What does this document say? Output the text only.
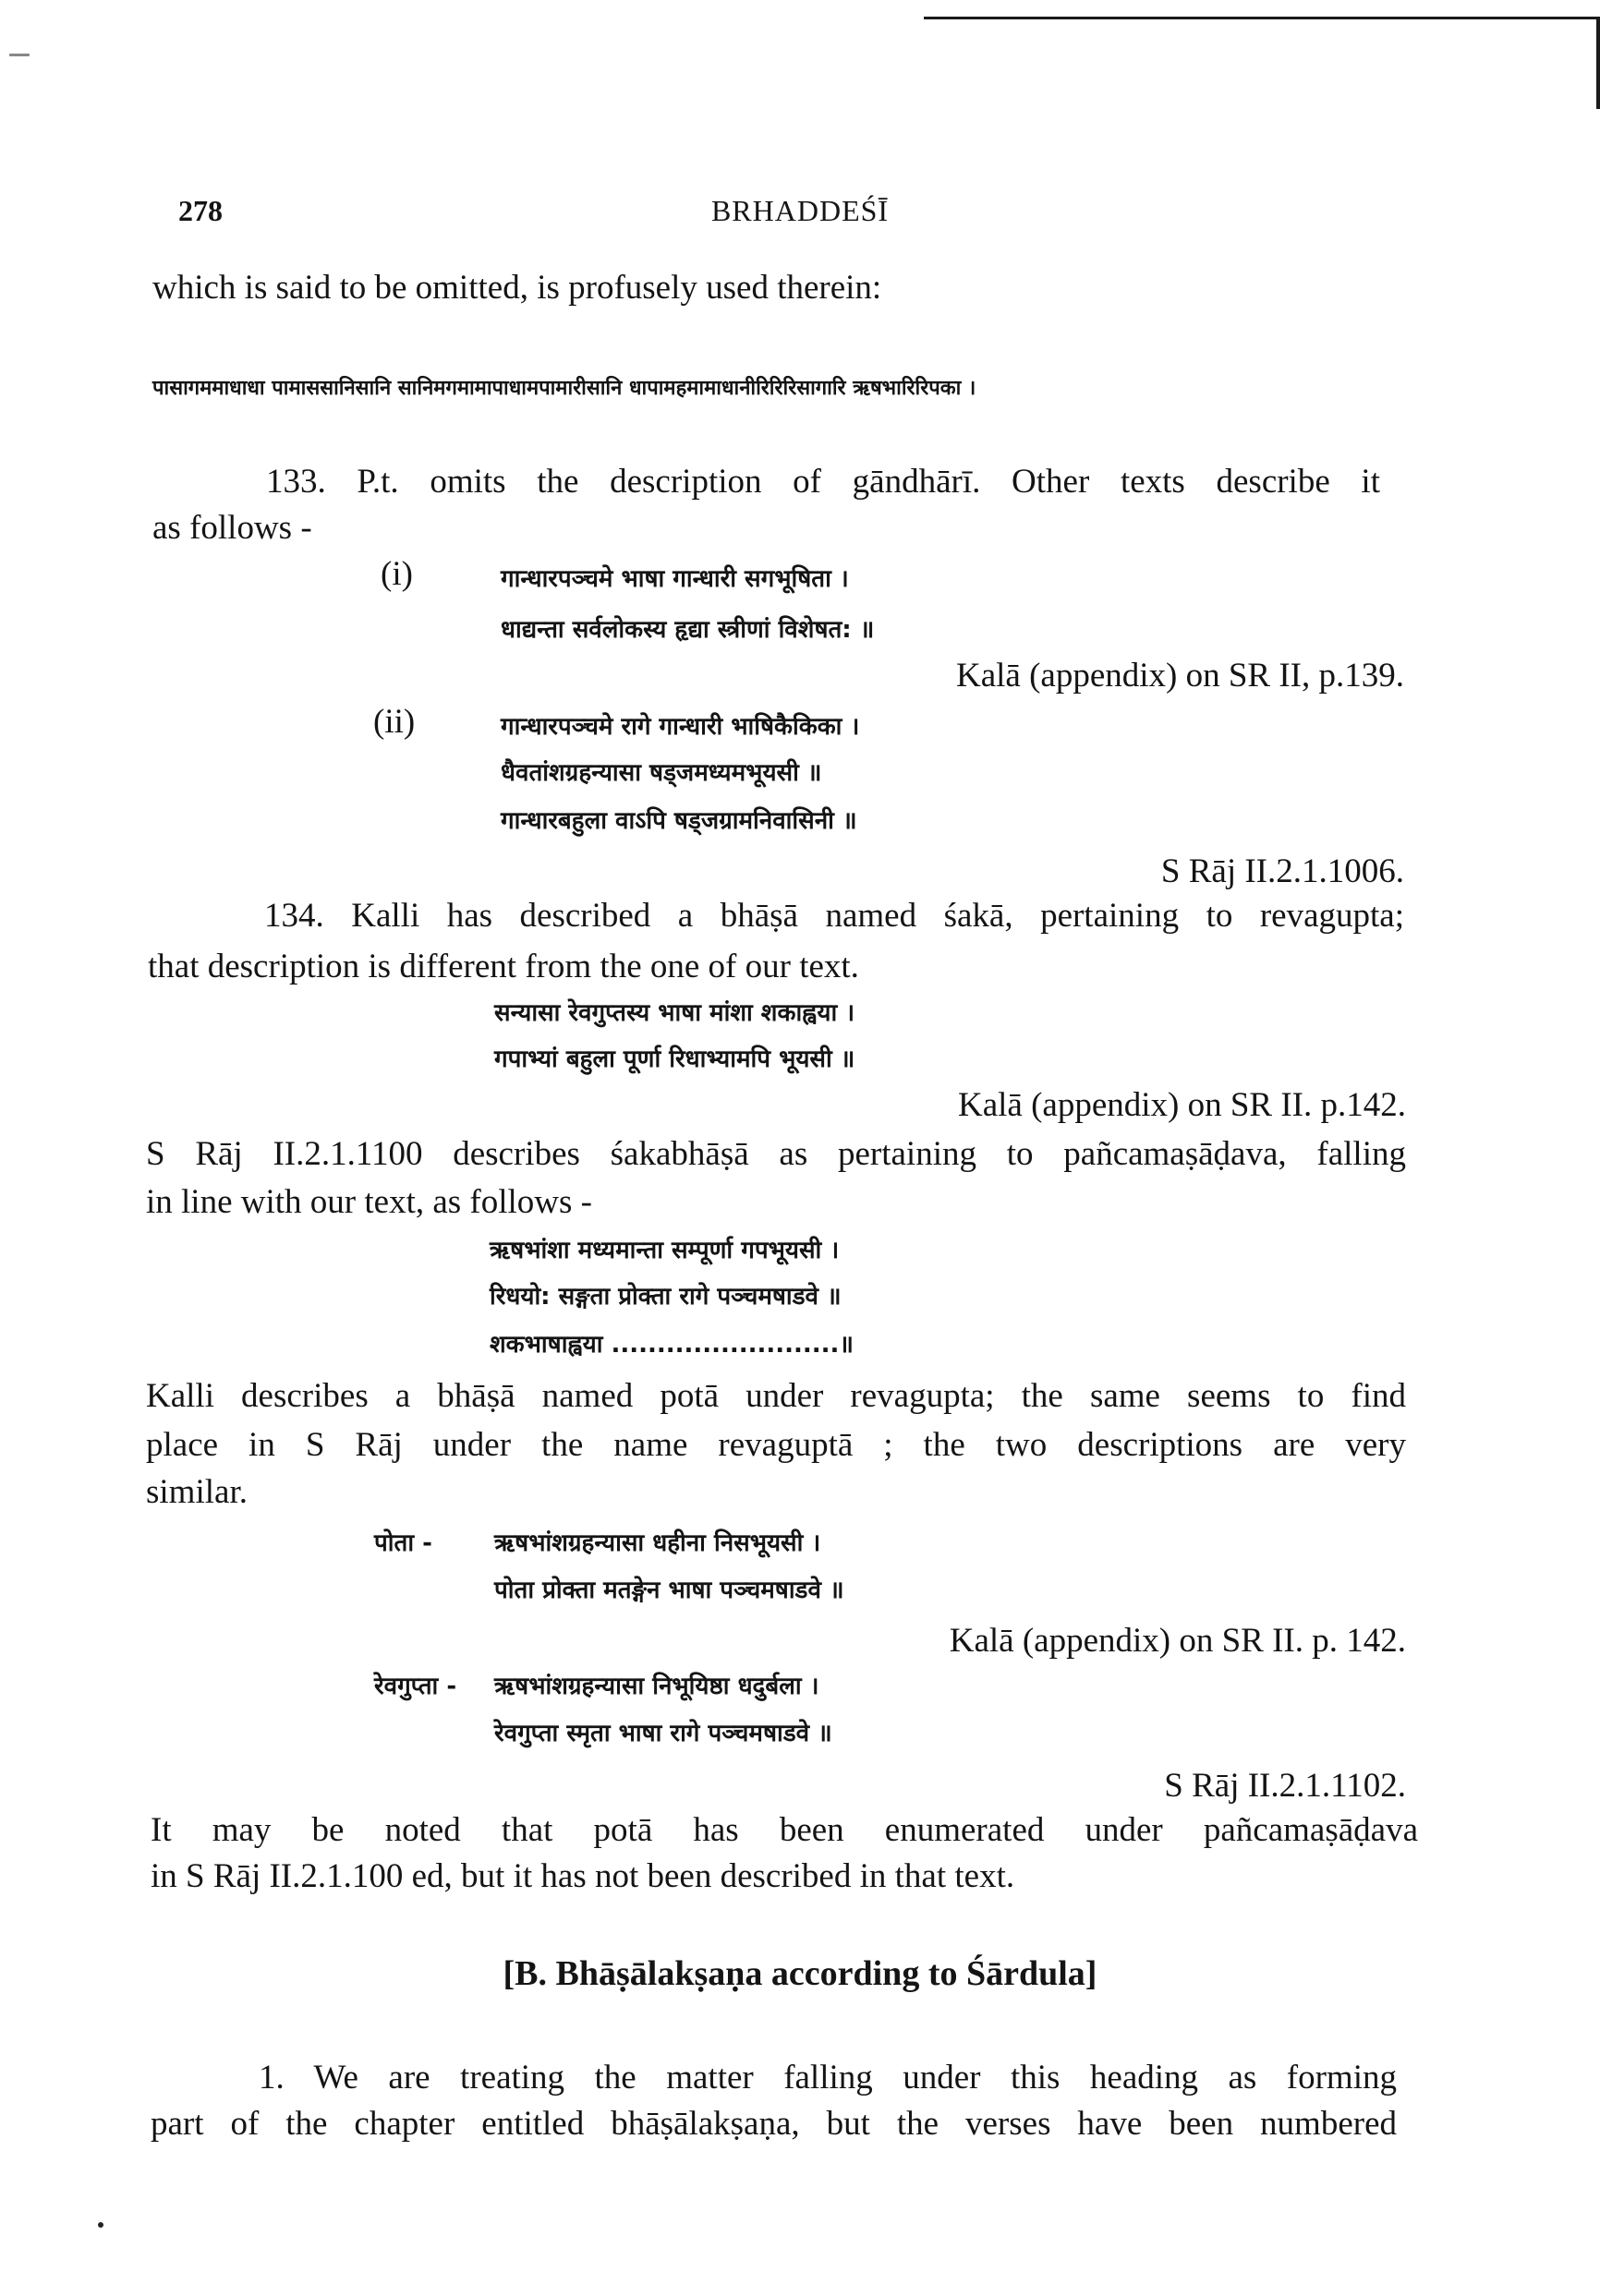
278	BRHADDEŚĪ
which is said to be omitted, is profusely used therein:
पासागममाधाधा पामाससानिसानि सानिमगमामापाधामपामारीसानि धापामहमामाधानीरिरिरिसागारि ऋषभारिरिपका ।
133. P.t. omits the description of gāndhārī. Other texts describe it
as follows -
(i)	गान्धारपञ्चमे भाषा गान्धारी सगभूषिता ।
धाद्यन्ता सर्वलोकस्य हृद्या स्त्रीणां विशेषत: ॥
Kalā (appendix) on SR II, p.139.
(ii)	गान्धारपञ्चमे रागे गान्धारी भाषिकैकिका ।
धैवतांशग्रहन्यासा षड्जमध्यमभूयसी ॥
गान्धारबहुला वाऽपि षड्जग्रामनिवासिनी ॥
S Rāj II.2.1.1006.
134. Kalli has described a bhāṣā named śakā, pertaining to revagupta;
that description is different from the one of our text.
सन्यासा रेवगुप्तस्य भाषा मांशा शकाह्वया ।
गपाभ्यां बहुला पूर्णा रिधाभ्यामपि भूयसी ॥
Kalā (appendix) on SR II. p.142.
S Rāj II.2.1.1100 describes śakabhāṣā as pertaining to pañcamaṣāḍava, falling
in line with our text, as follows -
ऋषभांशा मध्यमान्ता सम्पूर्णा गपभूयसी ।
रिधयो: सङ्गता प्रोक्ता रागे पञ्चमषाडवे ॥
शकभाषाह्वया .........................॥
Kalli describes a bhāṣā named potā under revagupta; the same seems to find
place in S Rāj under the name revaguptā ; the two descriptions are very
similar.
पोता -	ऋषभांशग्रहन्यासा धहीना निसभूयसी ।
पोता प्रोक्ता मतङ्गेन भाषा पञ्चमषाडवे ॥
Kalā (appendix) on SR II. p. 142.
रेवगुप्ता - ऋषभांशग्रहन्यासा निभूयिष्ठा धदुर्बला ।
रेवगुप्ता स्मृता भाषा रागे पञ्चमषाडवे ॥
S Rāj II.2.1.1102.
It may be noted that potā has been enumerated under pañcamaṣāḍava
in S Rāj II.2.1.100 ed, but it has not been described in that text.
[B. Bhāṣālakṣaṇa according to Śārdula]
1. We are treating the matter falling under this heading as forming
part of the chapter entitled bhāṣālakṣaṇa, but the verses have been numbered
